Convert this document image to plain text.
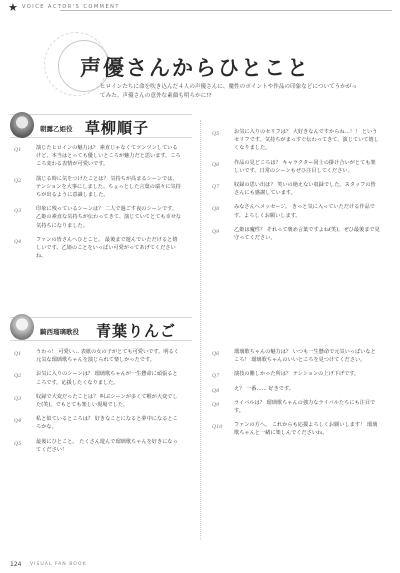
★ VOICE ACTOR'S COMMENT
声優さんからひとこと
ヒロインたちに命を吹き込んだ４人の声優さんに、魔性のポイントや作品の印象などについてうかがってみた。声優さんの意外な素顔も明らかに!?
朝露乙姫役 草柳順子
Q1	演じたヒロインの魅力は？ 素直じゃなくてツンツンしているけど、本当はとっても優しいところが魅力だと思います。ころころ変わる表情が可愛いです。
Q2	演じる時に気をつけたことは？ 気持ちが高まるシーンでは、テンションを大事にしました。ちょっとした言葉の端々に気持ちが出るように意識しました。
Q3	印象に残っているシーンは？ 二人で過ごす夜のシーンです。乙姫の素直な気持ちが伝わってきて、演じていてとても幸せな気持ちになりました。
Q4	ファンの皆さんへひとこと。 最後まで遊んでいただけると嬉しいです。乙姫のことをいっぱい可愛がってあげてくださいね。
騎西瑠璃歌役 青葉りんご
Q1	うわっ！ 可愛い… 表紙の女の子がとても可愛いです。明るく元気な瑠璃歌ちゃんを演じられて楽しかったです。
Q2	お気に入りのシーンは？ 瑠璃歌ちゃんが一生懸命に頑張るところです。応援したくなりました。
Q3	収録で大変だったことは？ 叫ぶシーンが多くて喉が大変でした(笑)。でもとても楽しい現場でした。
Q4	私と似ているところは？ 好きなことになると夢中になるところかな。
Q5	最後にひとこと。 たくさん遊んで瑠璃歌ちゃんを好きになってください！
Q5	お気に入りのセリフは？ 大好きなんですからね…！！ というセリフです。気持ちがまっすぐ伝わってきて、演じていて嬉しくなりました。
Q6	作品の見どころは？ キャラクター同士の掛け合いがとても楽しいです。日常のシーンもぜひ注目してください。
Q7	収録の思い出は？ 笑いの絶えない収録でした。スタッフの皆さんにも感謝しています。
Q8	みなさんへメッセージ。 きっと気に入っていただける作品です。よろしくお願いします。
Q9	乙姫は魔性？ それって褒め言葉ですよね(笑)。ぜひ最後まで見守ってください。
Q6	瑠璃歌ちゃんの魅力は？ いつも一生懸命で元気いっぱいなところ！ 瑠璃歌ちゃんのいいところを見つけてください。
Q7	演技の難しかった所は？ テンションの上げ下げです。
Q8	え？ 一番…… 好きです。
Q9	ライバルは？ 瑠璃歌ちゃんの強力なライバルたちにも注目です。
Q10 ファンの方へ。 これからも応援よろしくお願いします！ 瑠璃歌ちゃんと一緒に楽しんでくださいね。
124 VISUAL FAN BOOK
